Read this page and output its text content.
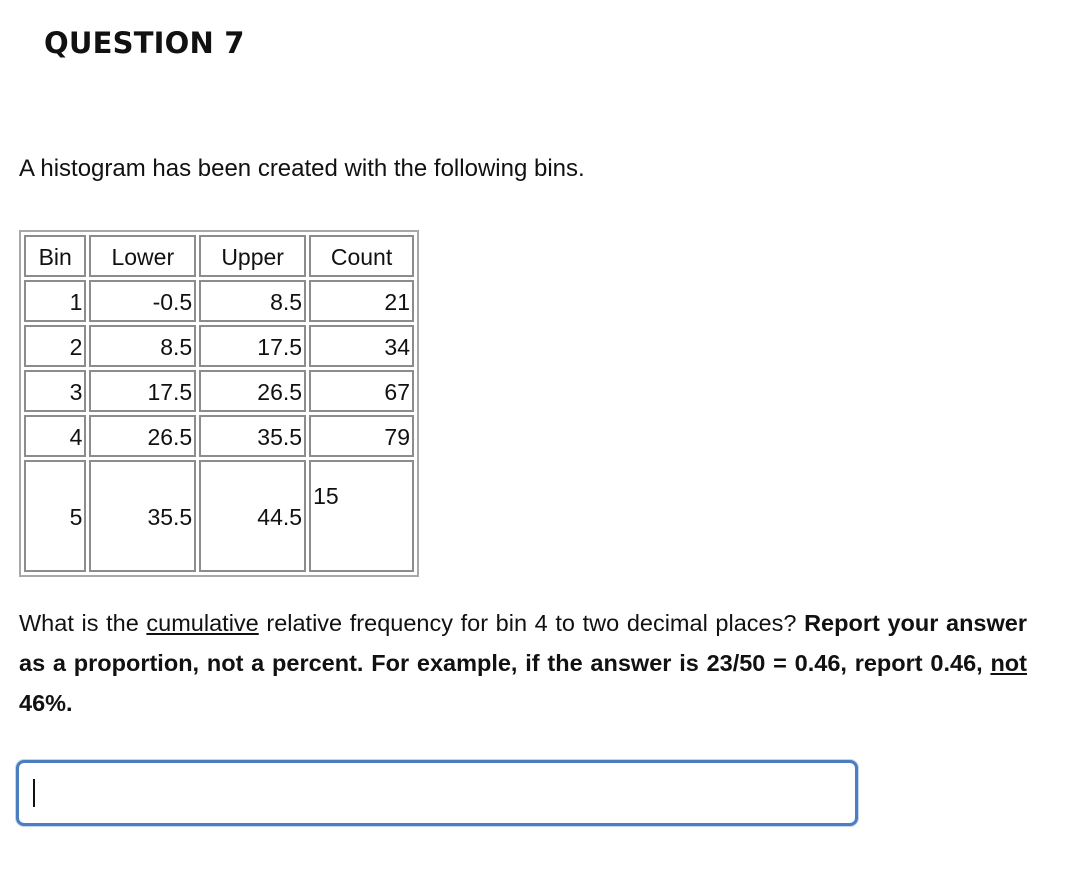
QUESTION 7
A histogram has been created with the following bins.
Bin	Lower	Upper	Count
1	-0.5	8.5	21
2	8.5	17.5	34
3	17.5	26.5	67
4	26.5	35.5	79
5	35.5	44.5	15
What is the cumulative relative frequency for bin 4 to two decimal places? Report your answer as a proportion, not a percent. For example, if the answer is 23/50 = 0.46, report 0.46, not 46%.
